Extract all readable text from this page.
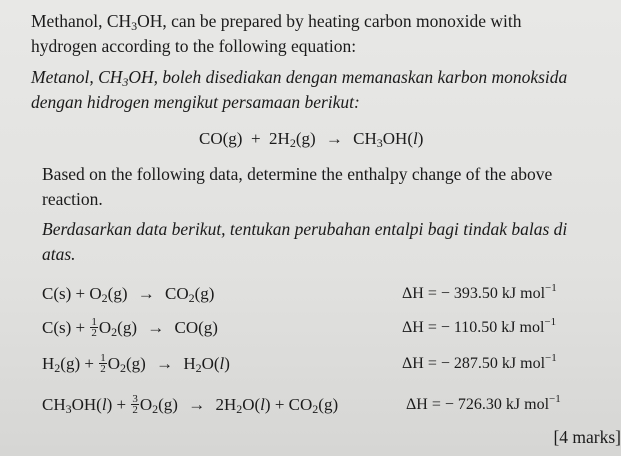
Methanol, $CH_3OH$, can be prepared by heating carbon monoxide with
hydrogen according to the following equation:
Metanol, $CH_3OH$, boleh disediakan dengan memanaskan karbon monoksida
dengan hidrogen mengikut persamaan berikut:
$CO(g) + 2H_2(g) \to CH_3OH(l)$
Based on the following data, determine the enthalpy change of the above
reaction.
Berdasarkan data berikut, tentukan perubahan entalpi bagi tindak balas di
atas.
$C(s) + O_2(g) \to CO_2(g)$	ΔH = − 393.50 kJ mol$^{-1}$
$C(s) + \frac{1}{2} O_2(g) \to CO(g)$	ΔH = − 110.50 kJ mol$^{-1}$
$H_2(g) + \frac{1}{2} O_2(g) \to H_2O(l)$	ΔH = − 287.50 kJ mol$^{-1}$
$CH_3OH(l) + \frac{3}{2} O_2(g) \to 2H_2O(l) + CO_2(g)$	ΔH = − 726.30 kJ mol$^{-1}$
[4 marks]
